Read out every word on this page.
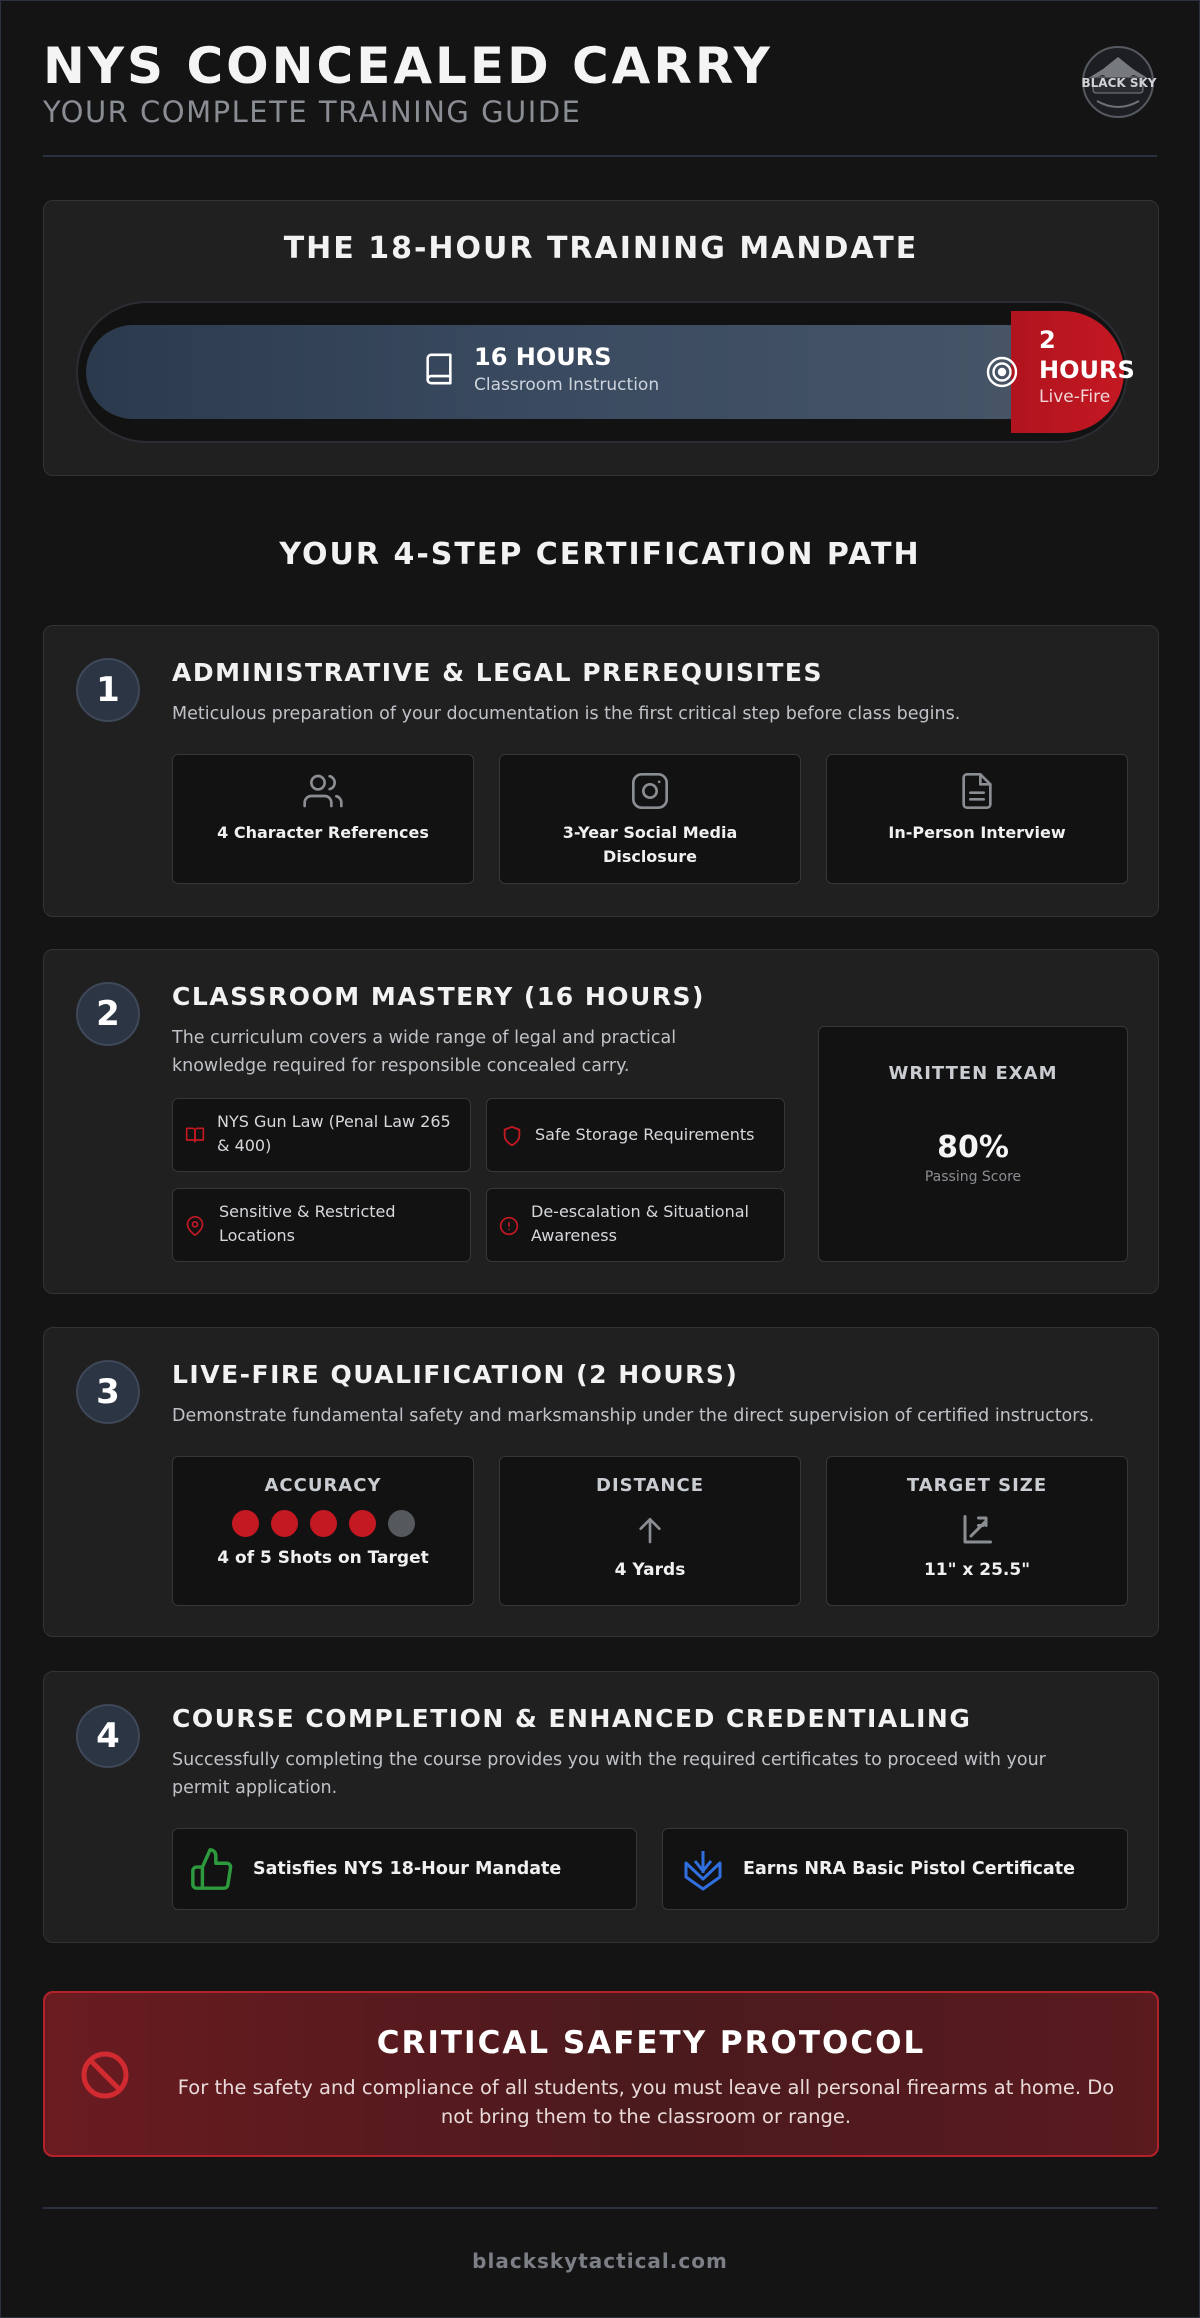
NYS CONCEALED CARRY
YOUR COMPLETE TRAINING GUIDE
BLACK SKY
THE 18-HOUR TRAINING MANDATE
16 HOURS
Classroom Instruction
2
HOURS
Live-Fire
YOUR 4-STEP CERTIFICATION PATH
1	ADMINISTRATIVE & LEGAL PREREQUISITES
Meticulous preparation of your documentation is the first critical step before class begins.
4 Character References	3-Year Social Media Disclosure
In-Person Interview
2	CLASSROOM MASTERY (16 HOURS)
The curriculum covers a wide range of legal and practical knowledge required for responsible concealed carry.
NYS Gun Law (Penal Law 265 & 400)
Safe Storage Requirements
Sensitive & Restricted Locations
De-escalation & Situational Awareness
WRITTEN EXAM
80%
Passing Score
3	LIVE-FIRE QUALIFICATION (2 HOURS)
Demonstrate fundamental safety and marksmanship under the direct supervision of certified instructors.
ACCURACY
4 of 5 Shots on Target
DISTANCE
4 Yards
TARGET SIZE
11" x 25.5"
4	COURSE COMPLETION & ENHANCED CREDENTIALING
Successfully completing the course provides you with the required certificates to proceed with your permit application.
Satisfies NYS 18-Hour Mandate	Earns NRA Basic Pistol Certificate
CRITICAL SAFETY PROTOCOL
For the safety and compliance of all students, you must leave all personal firearms at home. Do not bring them to the classroom or range.
blackskytactical.com
